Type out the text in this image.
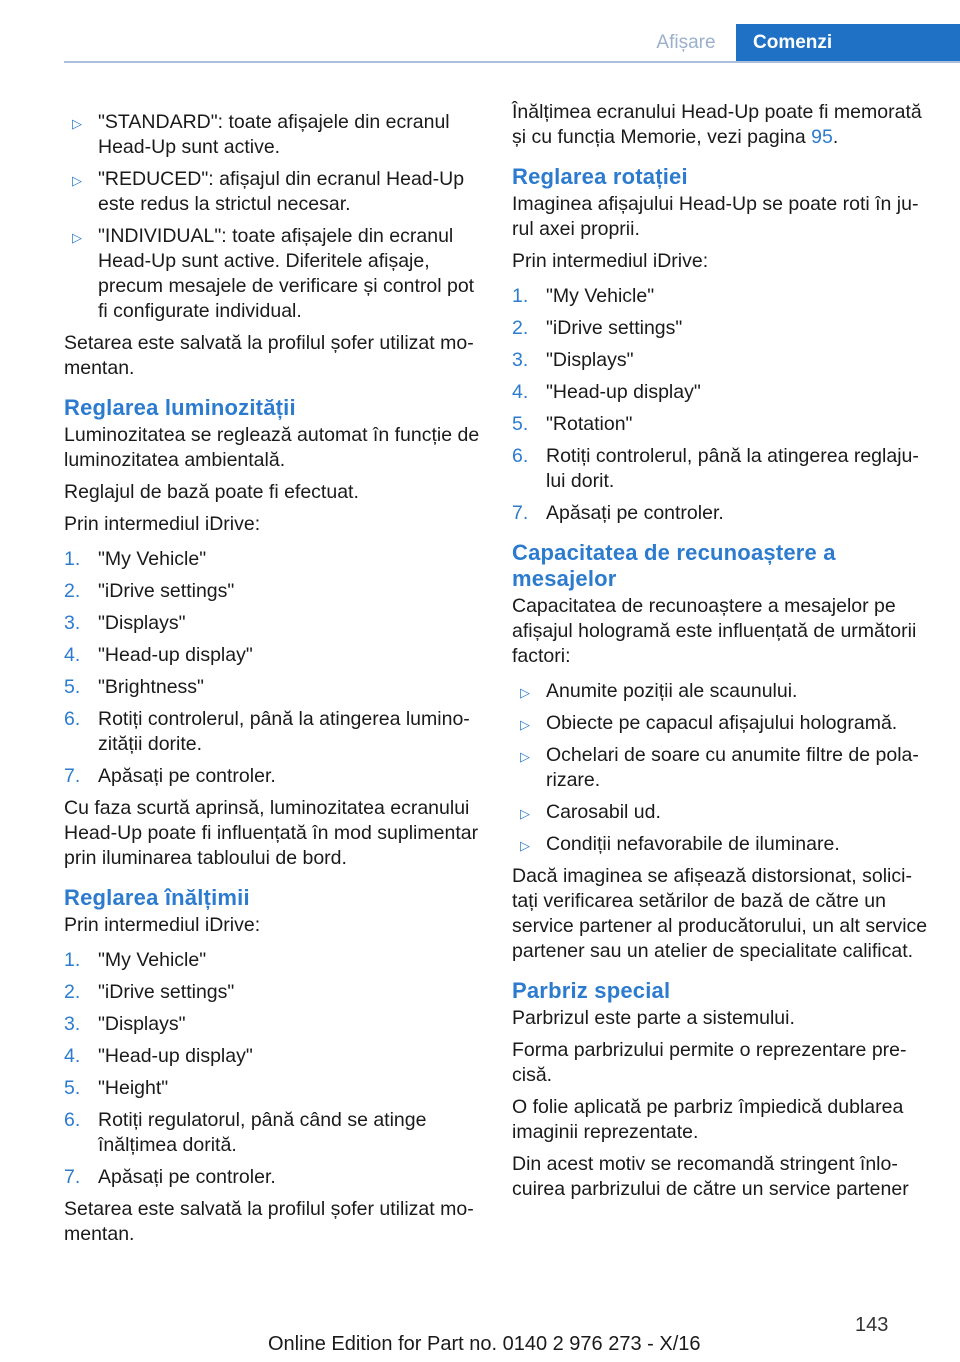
Afișare	Comenzi
▷ "STANDARD": toate afișajele din ecranul Head-Up sunt active.
▷ "REDUCED": afișajul din ecranul Head-Up este redus la strictul necesar.
▷ "INDIVIDUAL": toate afișajele din ecranul Head-Up sunt active. Diferitele afișaje, precum mesajele de verificare și control pot fi configurate individual.

Setarea este salvată la profilul șofer utilizat momentan.

Reglarea luminozității

Luminozitatea se reglează automat în funcție de luminozitatea ambientală.

Reglajul de bază poate fi efectuat.

Prin intermediul iDrive:

1. "My Vehicle"
2. "iDrive settings"
3. "Displays"
4. "Head-up display"
5. "Brightness"
6. Rotiți controlerul, până la atingerea luminozității dorite.
7. Apăsați pe controler.

Cu faza scurtă aprinsă, luminozitatea ecranului Head-Up poate fi influențată în mod suplimentar prin iluminarea tabloului de bord.

Reglarea înălțimii

Prin intermediul iDrive:

1. "My Vehicle"
2. "iDrive settings"
3. "Displays"
4. "Head-up display"
5. "Height"
6. Rotiți regulatorul, până când se atinge înălțimea dorită.
7. Apăsați pe controler.

Setarea este salvată la profilul șofer utilizat momentan.

Înălțimea ecranului Head-Up poate fi memorată și cu funcția Memorie, vezi pagina 95.

Reglarea rotației

Imaginea afișajului Head-Up se poate roti în jurul axei proprii.

Prin intermediul iDrive:

1. "My Vehicle"
2. "iDrive settings"
3. "Displays"
4. "Head-up display"
5. "Rotation"
6. Rotiți controlerul, până la atingerea reglajului dorit.
7. Apăsați pe controler.
Capacitatea de recunoaștere a mesajelor

Capacitatea de recunoaștere a mesajelor pe afișajul hologramă este influențată de următorii factori:

▷ Anumite poziții ale scaunului.
▷ Obiecte pe capacul afișajului hologramă.
▷ Ochelari de soare cu anumite filtre de polarizare.
▷ Carosabil ud.
▷ Condiții nefavorabile de iluminare.

Dacă imaginea se afișează distorsionat, solicitați verificarea setărilor de bază de către un service partener al producătorului, un alt service partener sau un atelier de specialitate calificat.

Parbriz special

Parbrizul este parte a sistemului.

Forma parbrizului permite o reprezentare precisă.

O folie aplicată pe parbriz împiedică dublarea imaginii reprezentate.

Din acest motiv se recomandă stringent înlocuirea parbrizului de către un service partener

143
Online Edition for Part no. 0140 2 976 273 - X/16
